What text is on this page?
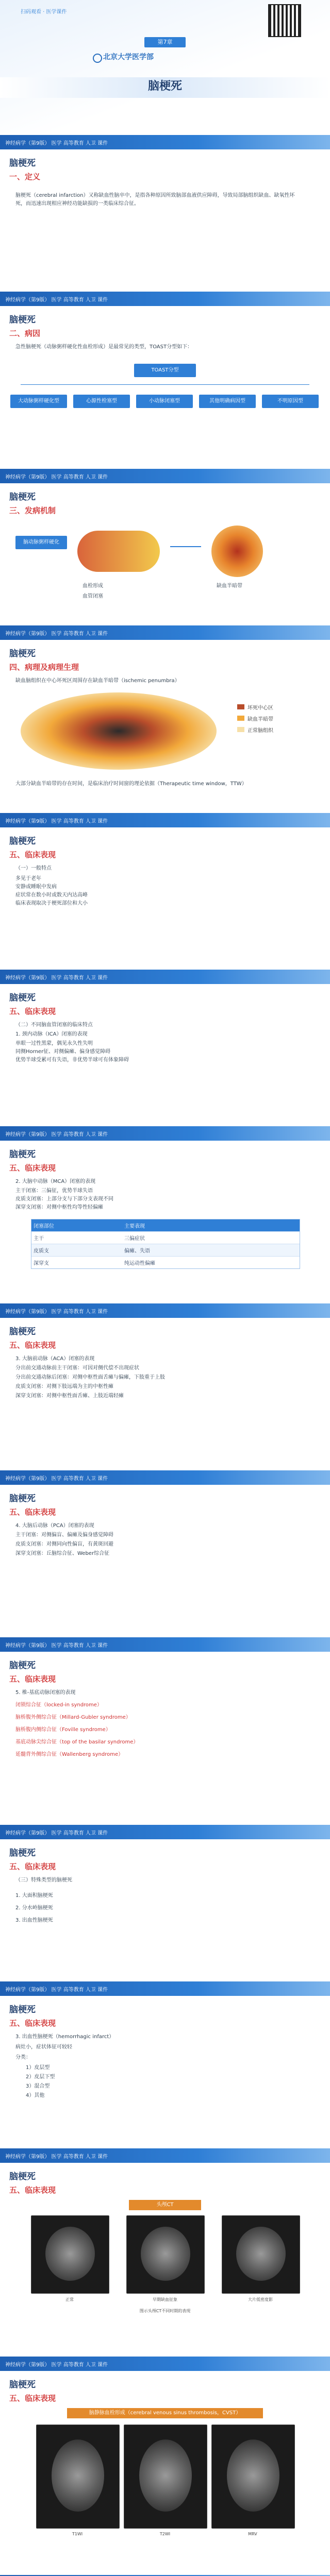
扫码观看 · 医学课件
第7章
北京大学医学部
脑梗死
神经病学（第9版） 医学 高等教育 人卫 课件
脑梗死
一、定义
脑梗死（cerebral infarction）又称缺血性脑卒中，是指各种原因所致脑部血液供应障碍，导致局部脑组织缺血、缺氧性坏死，而迅速出现相应神经功能缺损的一类临床综合征。
神经病学（第9版） 医学 高等教育 人卫 课件
脑梗死
二、病因
急性脑梗死（动脉粥样硬化性血栓形成）是最常见的类型，TOAST分型如下：
TOAST分型
大动脉粥样硬化型	心源性栓塞型	小动脉闭塞型	其他明确病因型	不明原因型
神经病学（第9版） 医学 高等教育 人卫 课件
脑梗死
三、发病机制
脑动脉粥样硬化
缺血半暗带
血栓形成
血管闭塞
神经病学（第9版） 医学 高等教育 人卫 课件
脑梗死
四、病理及病理生理
缺血脑组织在中心坏死区周围存在缺血半暗带（ischemic penumbra）
坏死中心区
缺血半暗带
正常脑组织
大部分缺血半暗带的存在时间，是临床治疗时间窗的理论依据（Therapeutic time window，TTW）
神经病学（第9版） 医学 高等教育 人卫 课件
脑梗死
五、临床表现
（一）一般特点
多见于老年
安静或睡眠中发病
症状常在数小时或数天内达高峰
临床表现取决于梗死部位和大小
神经病学（第9版） 医学 高等教育 人卫 课件
脑梗死
五、临床表现
（二）不同脑血管闭塞的临床特点
1. 颈内动脉（ICA）闭塞的表现
单眼一过性黑蒙，偶见永久性失明
同侧Horner征、对侧偏瘫、偏身感觉障碍
优势半球受累可有失语，非优势半球可有体象障碍
神经病学（第9版） 医学 高等教育 人卫 课件
脑梗死
五、临床表现
2. 大脑中动脉（MCA）闭塞的表现
主干闭塞：三偏征，优势半球失语
皮质支闭塞：上部分支与下部分支表现不同
深穿支闭塞：对侧中枢性均等性轻偏瘫
闭塞部位	主要表现
主干	三偏症状
皮质支	偏瘫、失语
深穿支	纯运动性偏瘫
神经病学（第9版） 医学 高等教育 人卫 课件
脑梗死
五、临床表现
3. 大脑前动脉（ACA）闭塞的表现
分出前交通动脉前主干闭塞：可因对侧代偿不出现症状
分出前交通动脉后闭塞：对侧中枢性面舌瘫与偏瘫，下肢重于上肢
皮质支闭塞：对侧下肢远端为主的中枢性瘫
深穿支闭塞：对侧中枢性面舌瘫、上肢近端轻瘫
神经病学（第9版） 医学 高等教育 人卫 课件
脑梗死
五、临床表现
4. 大脑后动脉（PCA）闭塞的表现
主干闭塞：对侧偏盲、偏瘫及偏身感觉障碍
皮质支闭塞：对侧同向性偏盲，有黄斑回避
深穿支闭塞：丘脑综合征、Weber综合征
神经病学（第9版） 医学 高等教育 人卫 课件
脑梗死
五、临床表现
5. 椎-基底动脉闭塞的表现
闭锁综合征（locked-in syndrome）
脑桥腹外侧综合征（Millard-Gubler syndrome）
脑桥腹内侧综合征（Foville syndrome）
基底动脉尖综合征（top of the basilar syndrome）
延髓背外侧综合征（Wallenberg syndrome）
神经病学（第9版） 医学 高等教育 人卫 课件
脑梗死
五、临床表现
（三）特殊类型的脑梗死
1. 大面积脑梗死
2. 分水岭脑梗死
3. 出血性脑梗死
神经病学（第9版） 医学 高等教育 人卫 课件
脑梗死
五、临床表现
3. 出血性脑梗死（hemorrhagic infarct）
病灶小，症状体征可较轻
分类：
1）皮层型
2）皮层下型
3）混合型
4）其他
神经病学（第9版） 医学 高等教育 人卫 课件
脑梗死
五、临床表现
头颅CT
正常	早期缺血征象	大片低密度影
图示头颅CT不同时期的表现
神经病学（第9版） 医学 高等教育 人卫 课件
脑梗死
五、临床表现
脑静脉血栓形成（cerebral venous sinus thrombosis，CVST）
T1WI	T2WI	MRV
